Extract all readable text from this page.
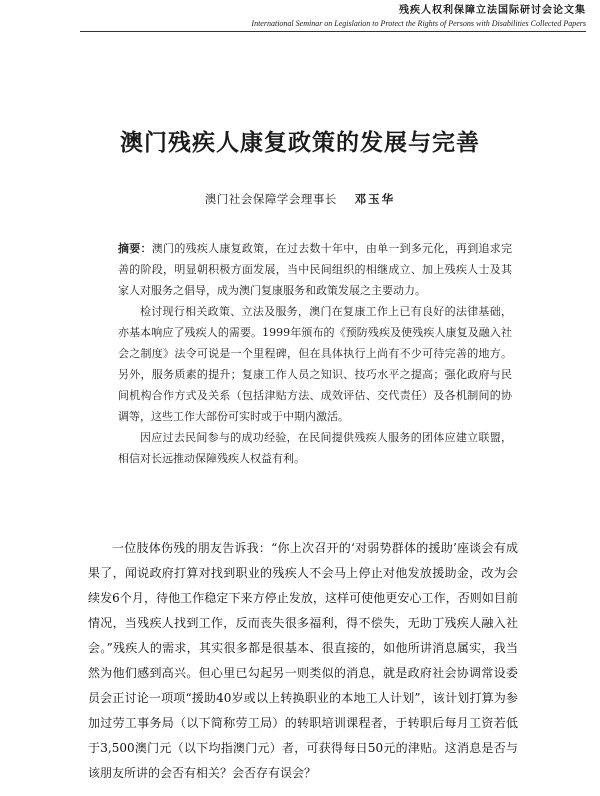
残疾人权利保障立法国际研讨会论文集
International Seminar on Legislation to Protect the Rights of Persons with Disabilities Collected Papers
澳门残疾人康复政策的发展与完善
澳门社会保障学会理事长 邓玉华

摘要：澳门的残疾人康复政策，在过去数十年中，由单一到多元化，再到追求完善的阶段，明显朝积极方面发展，当中民间组织的相继成立、加上残疾人士及其家人对服务之倡导，成为澳门复康服务和政策发展之主要动力。

检讨现行相关政策、立法及服务，澳门在复康工作上已有良好的法律基础，亦基本响应了残疾人的需要。1999年颁布的《预防残疾及使残疾人康复及融入社会之制度》法令可说是一个里程碑，但在具体执行上尚有不少可待完善的地方。另外，服务质素的提升；复康工作人员之知识、技巧水平之提高；强化政府与民间机构合作方式及关系（包括津贴方法、成效评估、交代责任）及各机制间的协调等，这些工作大部份可实时或于中期内激活。

因应过去民间参与的成功经验，在民间提供残疾人服务的团体应建立联盟，相信对长远推动保障残疾人权益有利。

一位肢体伤残的朋友告诉我：“你上次召开的‘对弱势群体的援助’座谈会有成果了，闻说政府打算对找到职业的残疾人不会马上停止对他发放援助金，改为会续发6个月，待他工作稳定下来方停止发放，这样可使他更安心工作，否则如目前情况，当残疾人找到工作，反而丧失很多福利，得不偿失，无助丁残疾人融入社会。”残疾人的需求，其实很多都是很基本、很直接的，如他所讲消息属实，我当然为他们感到高兴。但心里已勾起另一则类似的消息，就是政府社会协调常设委员会正讨论一项项“援助40岁或以上转换职业的本地工人计划”，该计划打算为参加过劳工事务局（以下简称劳工局）的转职培训课程者，于转职后每月工资若低于3,500澳门元（以下均指澳门元）者，可获得每日50元的津贴。这消息是否与该朋友所讲的会否有相关？会否存有误会？
